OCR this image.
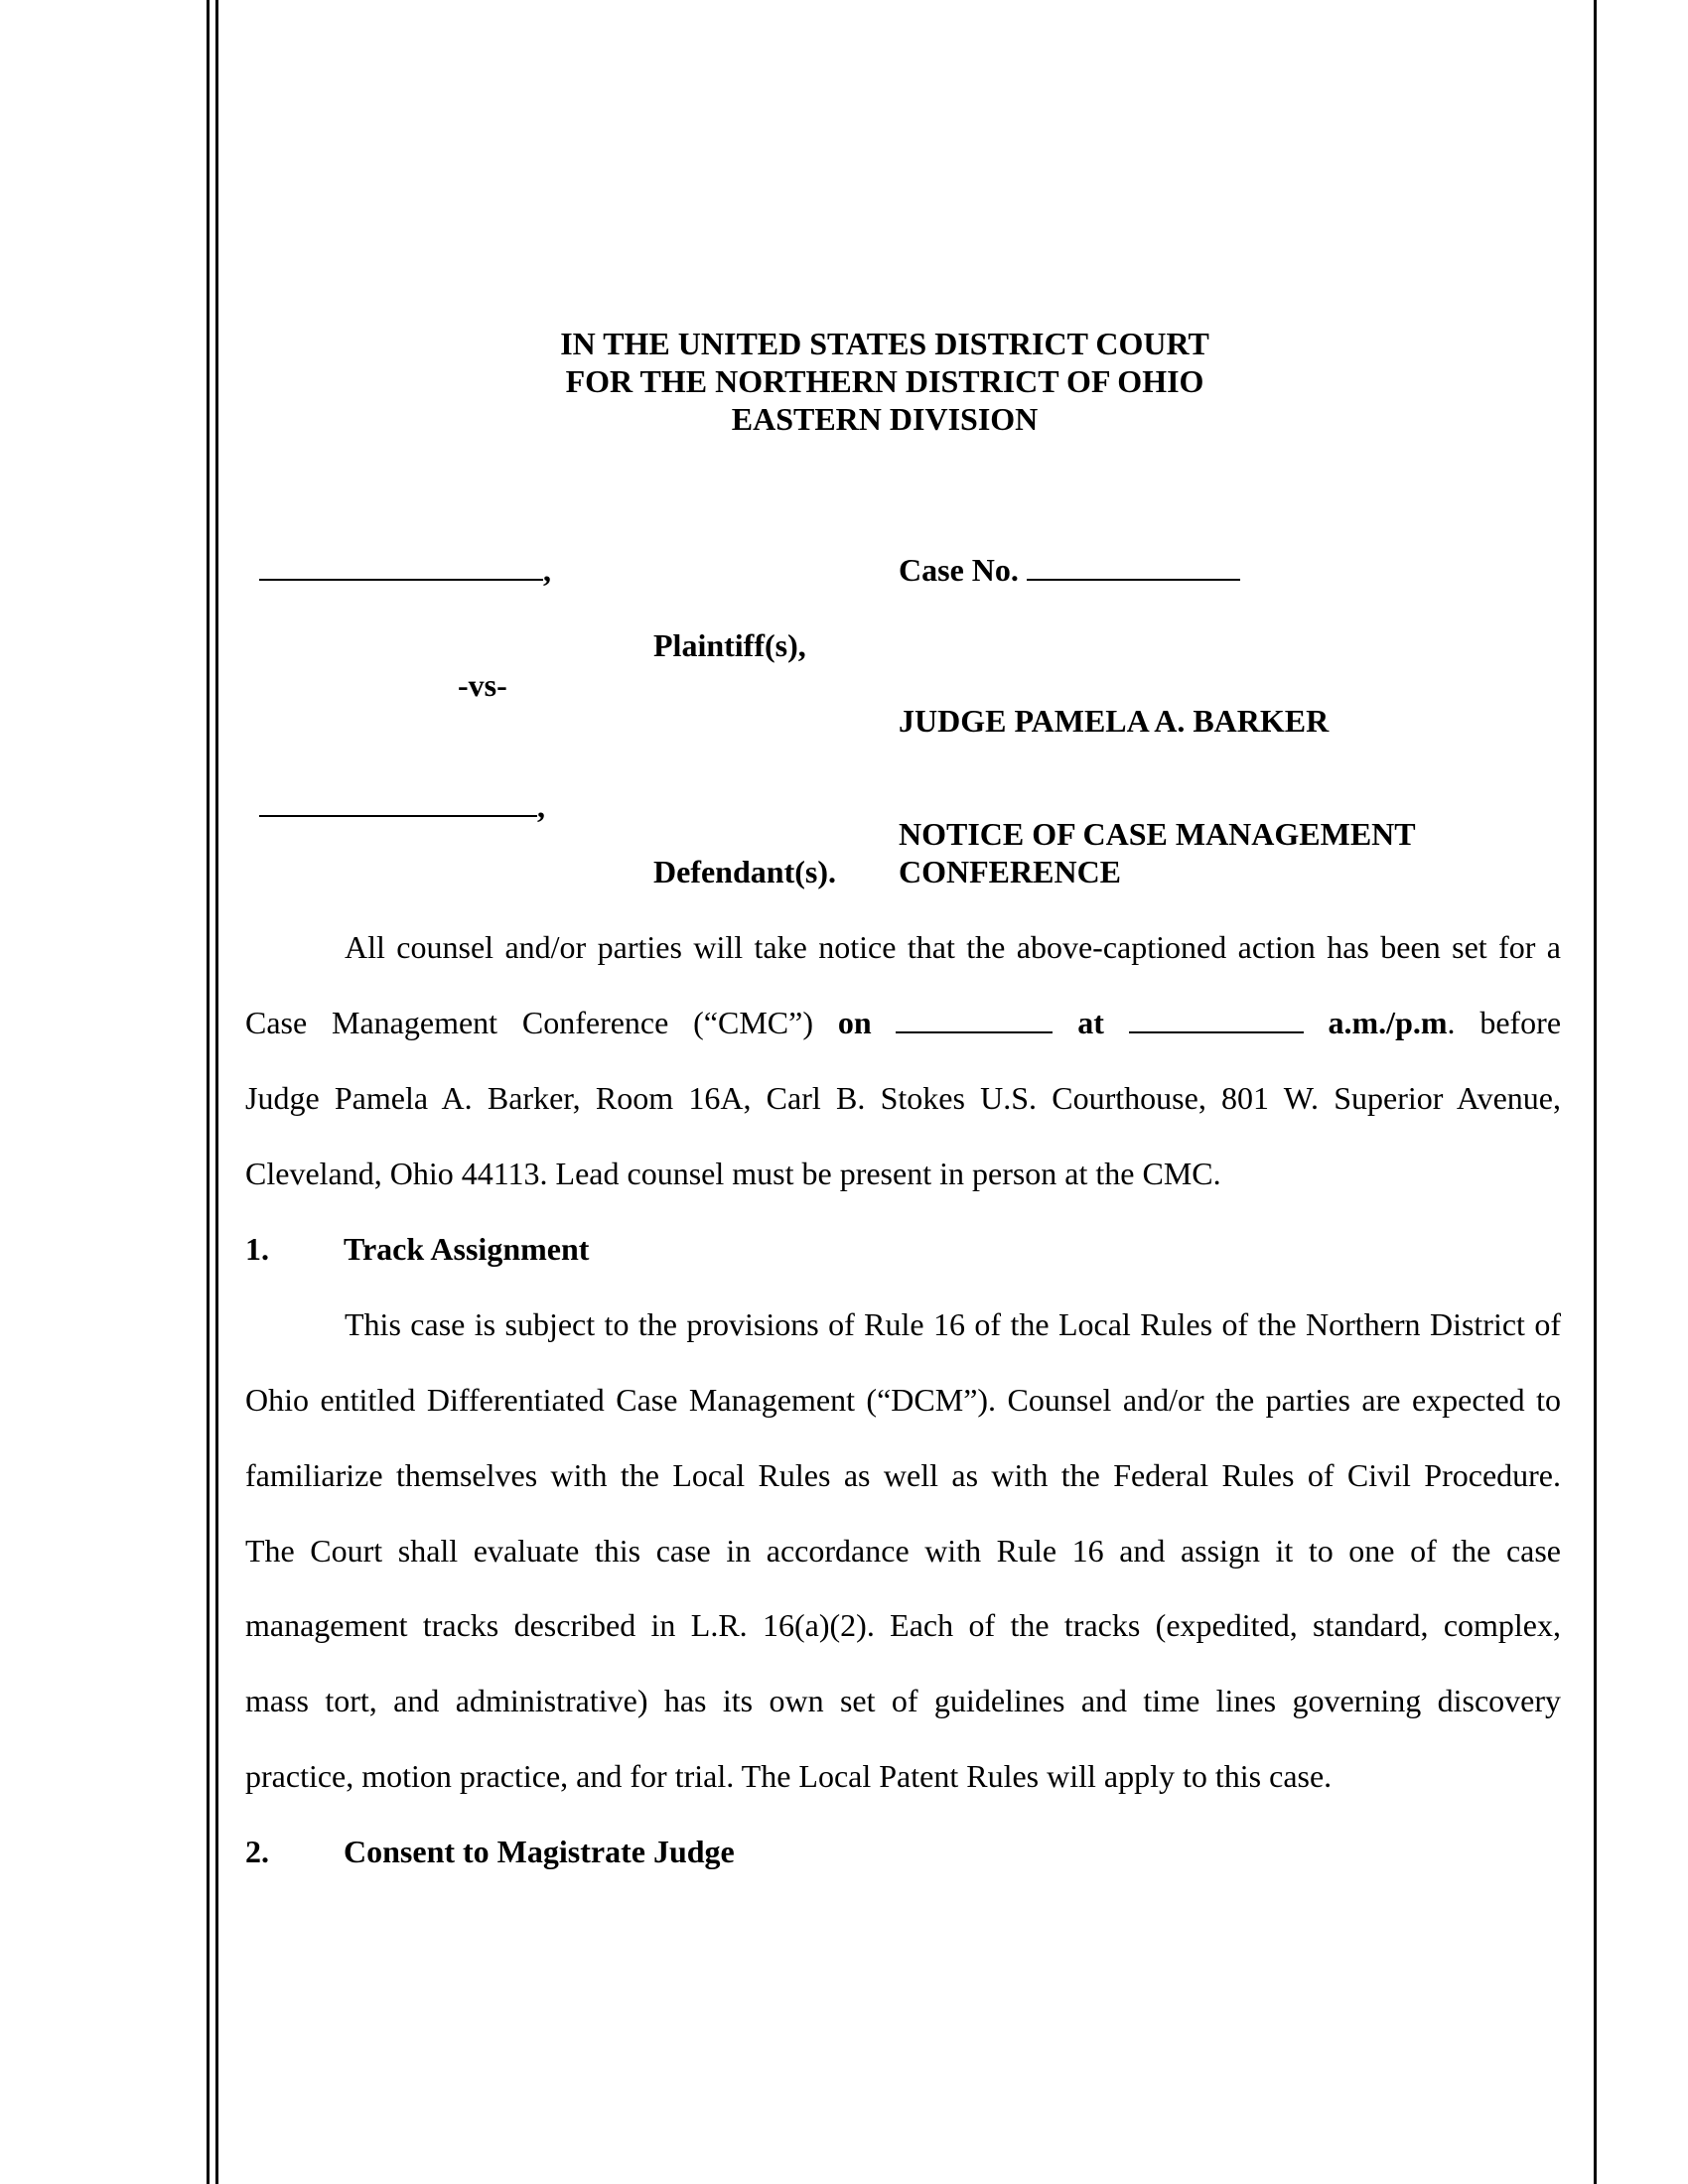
IN THE UNITED STATES DISTRICT COURT
FOR THE NORTHERN DISTRICT OF OHIO
EASTERN DIVISION
,	Case No.
Plaintiff(s),
-vs-
JUDGE PAMELA A. BARKER
,
NOTICE OF CASE MANAGEMENT
Defendant(s). CONFERENCE
All counsel and/or parties will take notice that the above-captioned action has been set for a
Case Management Conference (“CMC”) on	at	a.m./p.m. before
Judge Pamela A. Barker, Room 16A, Carl B. Stokes U.S. Courthouse, 801 W. Superior Avenue,
Cleveland, Ohio 44113. Lead counsel must be present in person at the CMC.
1. Track Assignment
This case is subject to the provisions of Rule 16 of the Local Rules of the Northern District of
Ohio entitled Differentiated Case Management (“DCM”). Counsel and/or the parties are expected to
familiarize themselves with the Local Rules as well as with the Federal Rules of Civil Procedure.
The Court shall evaluate this case in accordance with Rule 16 and assign it to one of the case
management tracks described in L.R. 16(a)(2). Each of the tracks (expedited, standard, complex,
mass tort, and administrative) has its own set of guidelines and time lines governing discovery
practice, motion practice, and for trial. The Local Patent Rules will apply to this case.
2. Consent to Magistrate Judge
